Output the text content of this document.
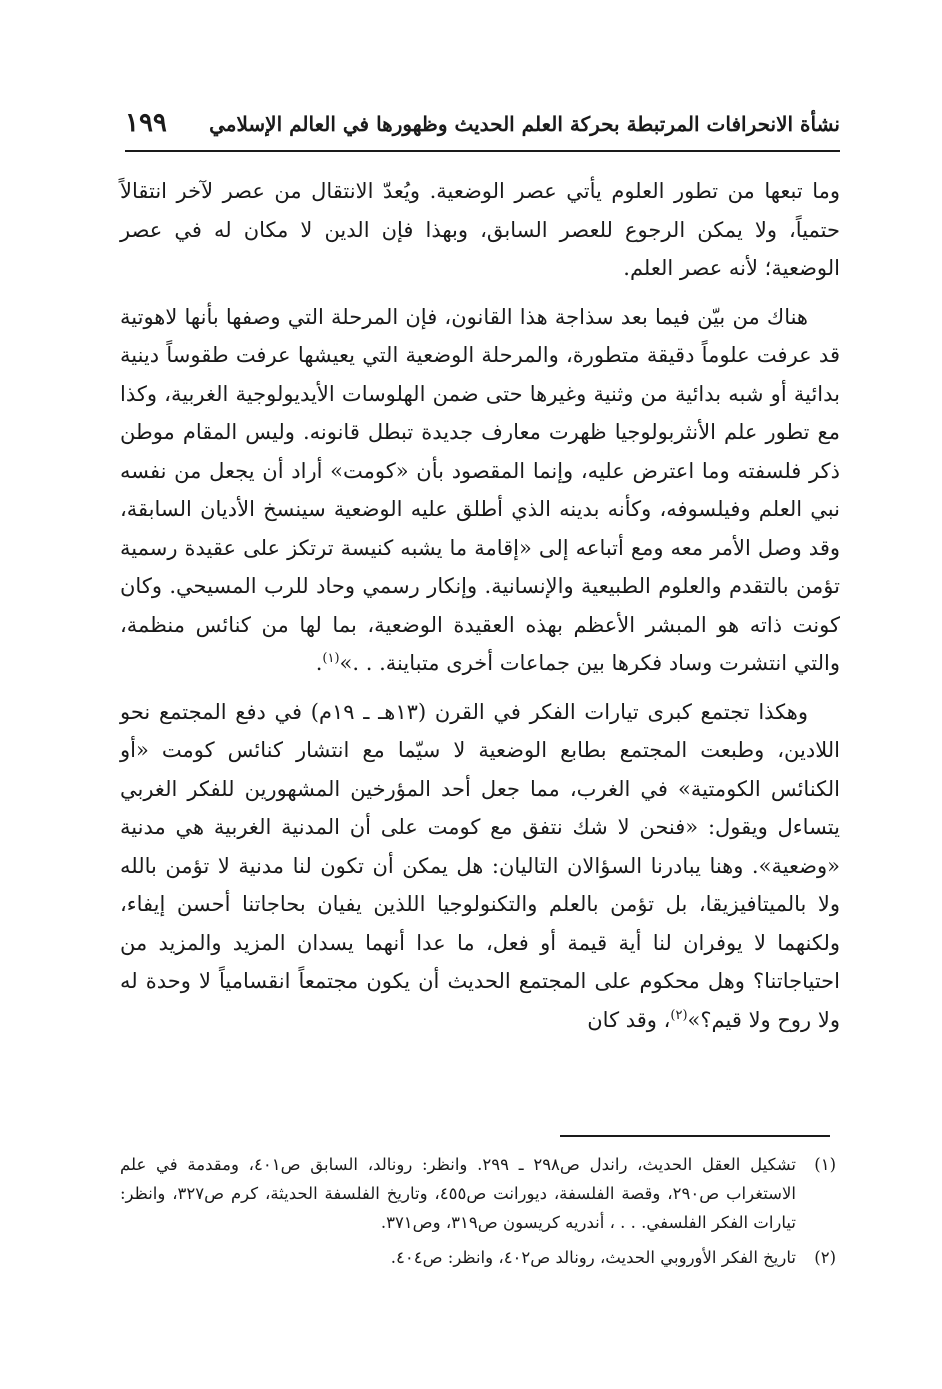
نشأة الانحرافات المرتبطة بحركة العلم الحديث وظهورها في العالم الإسلامي
١٩٩

وما تبعها من تطور العلوم يأتي عصر الوضعية. ويُعدّ الانتقال من عصر لآخر انتقالاً حتمياً، ولا يمكن الرجوع للعصر السابق، وبهذا فإن الدين لا مكان له في عصر الوضعية؛ لأنه عصر العلم.

هناك من بيّن فيما بعد سذاجة هذا القانون، فإن المرحلة التي وصفها بأنها لاهوتية قد عرفت علوماً دقيقة متطورة، والمرحلة الوضعية التي يعيشها عرفت طقوساً دينية بدائية أو شبه بدائية من وثنية وغيرها حتى ضمن الهلوسات الأيديولوجية الغربية، وكذا مع تطور علم الأنثربولوجيا ظهرت معارف جديدة تبطل قانونه. وليس المقام موطن ذكر فلسفته وما اعترض عليه، وإنما المقصود بأن «كومت» أراد أن يجعل من نفسه نبي العلم وفيلسوفه، وكأنه بدينه الذي أطلق عليه الوضعية سينسخ الأديان السابقة، وقد وصل الأمر معه ومع أتباعه إلى «إقامة ما يشبه كنيسة ترتكز على عقيدة رسمية تؤمن بالتقدم والعلوم الطبيعية والإنسانية. وإنكار رسمي وحاد للرب المسيحي. وكان كونت ذاته هو المبشر الأعظم بهذه العقيدة الوضعية، بما لها من كنائس منظمة، والتي انتشرت وساد فكرها بين جماعات أخرى متباينة. . .»$^{(١)}$.

وهكذا تجتمع كبرى تيارات الفكر في القرن (١٣هـ ـ ١٩م) في دفع المجتمع نحو اللادين، وطبعت المجتمع بطابع الوضعية لا سيّما مع انتشار كنائس كومت «أو الكنائس الكومتية» في الغرب، مما جعل أحد المؤرخين المشهورين للفكر الغربي يتساءل ويقول: «فنحن لا شك نتفق مع كومت على أن المدنية الغربية هي مدنية «وضعية». وهنا يبادرنا السؤالان التاليان: هل يمكن أن تكون لنا مدنية لا تؤمن بالله ولا بالميتافيزيقا، بل تؤمن بالعلم والتكنولوجيا اللذين يفيان بحاجاتنا أحسن إيفاء، ولكنهما لا يوفران لنا أية قيمة أو فعل، ما عدا أنهما يسدان المزيد والمزيد من احتياجاتنا؟ وهل محكوم على المجتمع الحديث أن يكون مجتمعاً انقسامياً لا وحدة له ولا روح ولا قيم؟»$^{(٢)}$، وقد كان

(١)
تشكيل العقل الحديث، راندل ص٢٩٨ ـ ٢٩٩. وانظر: رونالد، السابق ص٤٠١، ومقدمة في علم الاستغراب ص٢٩٠، وقصة الفلسفة، ديورانت ص٤٥٥، وتاريخ الفلسفة الحديثة، كرم ص٣٢٧، وانظر: تيارات الفكر الفلسفي. . . ، أندريه كريسون ص٣١٩، وص٣٧١.
(٢)
تاريخ الفكر الأوروبي الحديث، رونالد ص٤٠٢، وانظر: ص٤٠٤.
